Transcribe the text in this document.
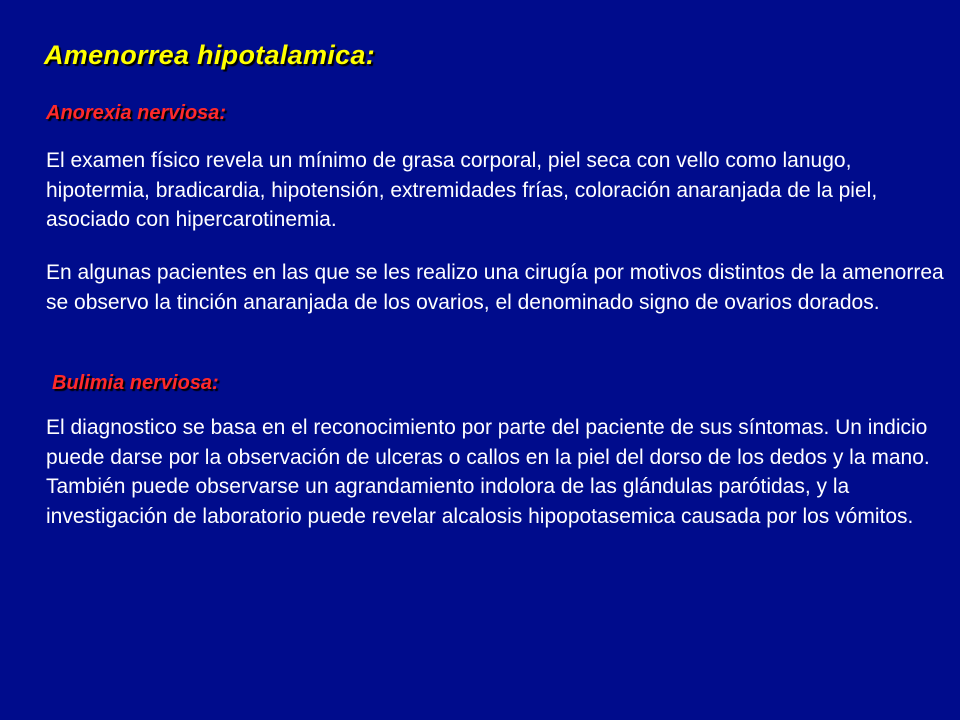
Amenorrea hipotalamica:
Anorexia nerviosa:

El examen físico revela un mínimo de grasa corporal, piel seca con vello como lanugo, hipotermia, bradicardia, hipotensión, extremidades frías, coloración anaranjada de la piel, asociado con hipercarotinemia.

En algunas pacientes en las que se les realizo una cirugía por motivos distintos de la amenorrea se observo la tinción anaranjada de los ovarios, el denominado signo de ovarios dorados.

Bulimia nerviosa:

El diagnostico se basa en el reconocimiento por parte del paciente de sus síntomas. Un indicio puede darse por la observación de ulceras o callos en la piel del dorso de los dedos y la mano. También puede observarse un agrandamiento indolora de las glándulas parótidas, y la investigación de laboratorio puede revelar alcalosis hipopotasemica causada por los vómitos.
